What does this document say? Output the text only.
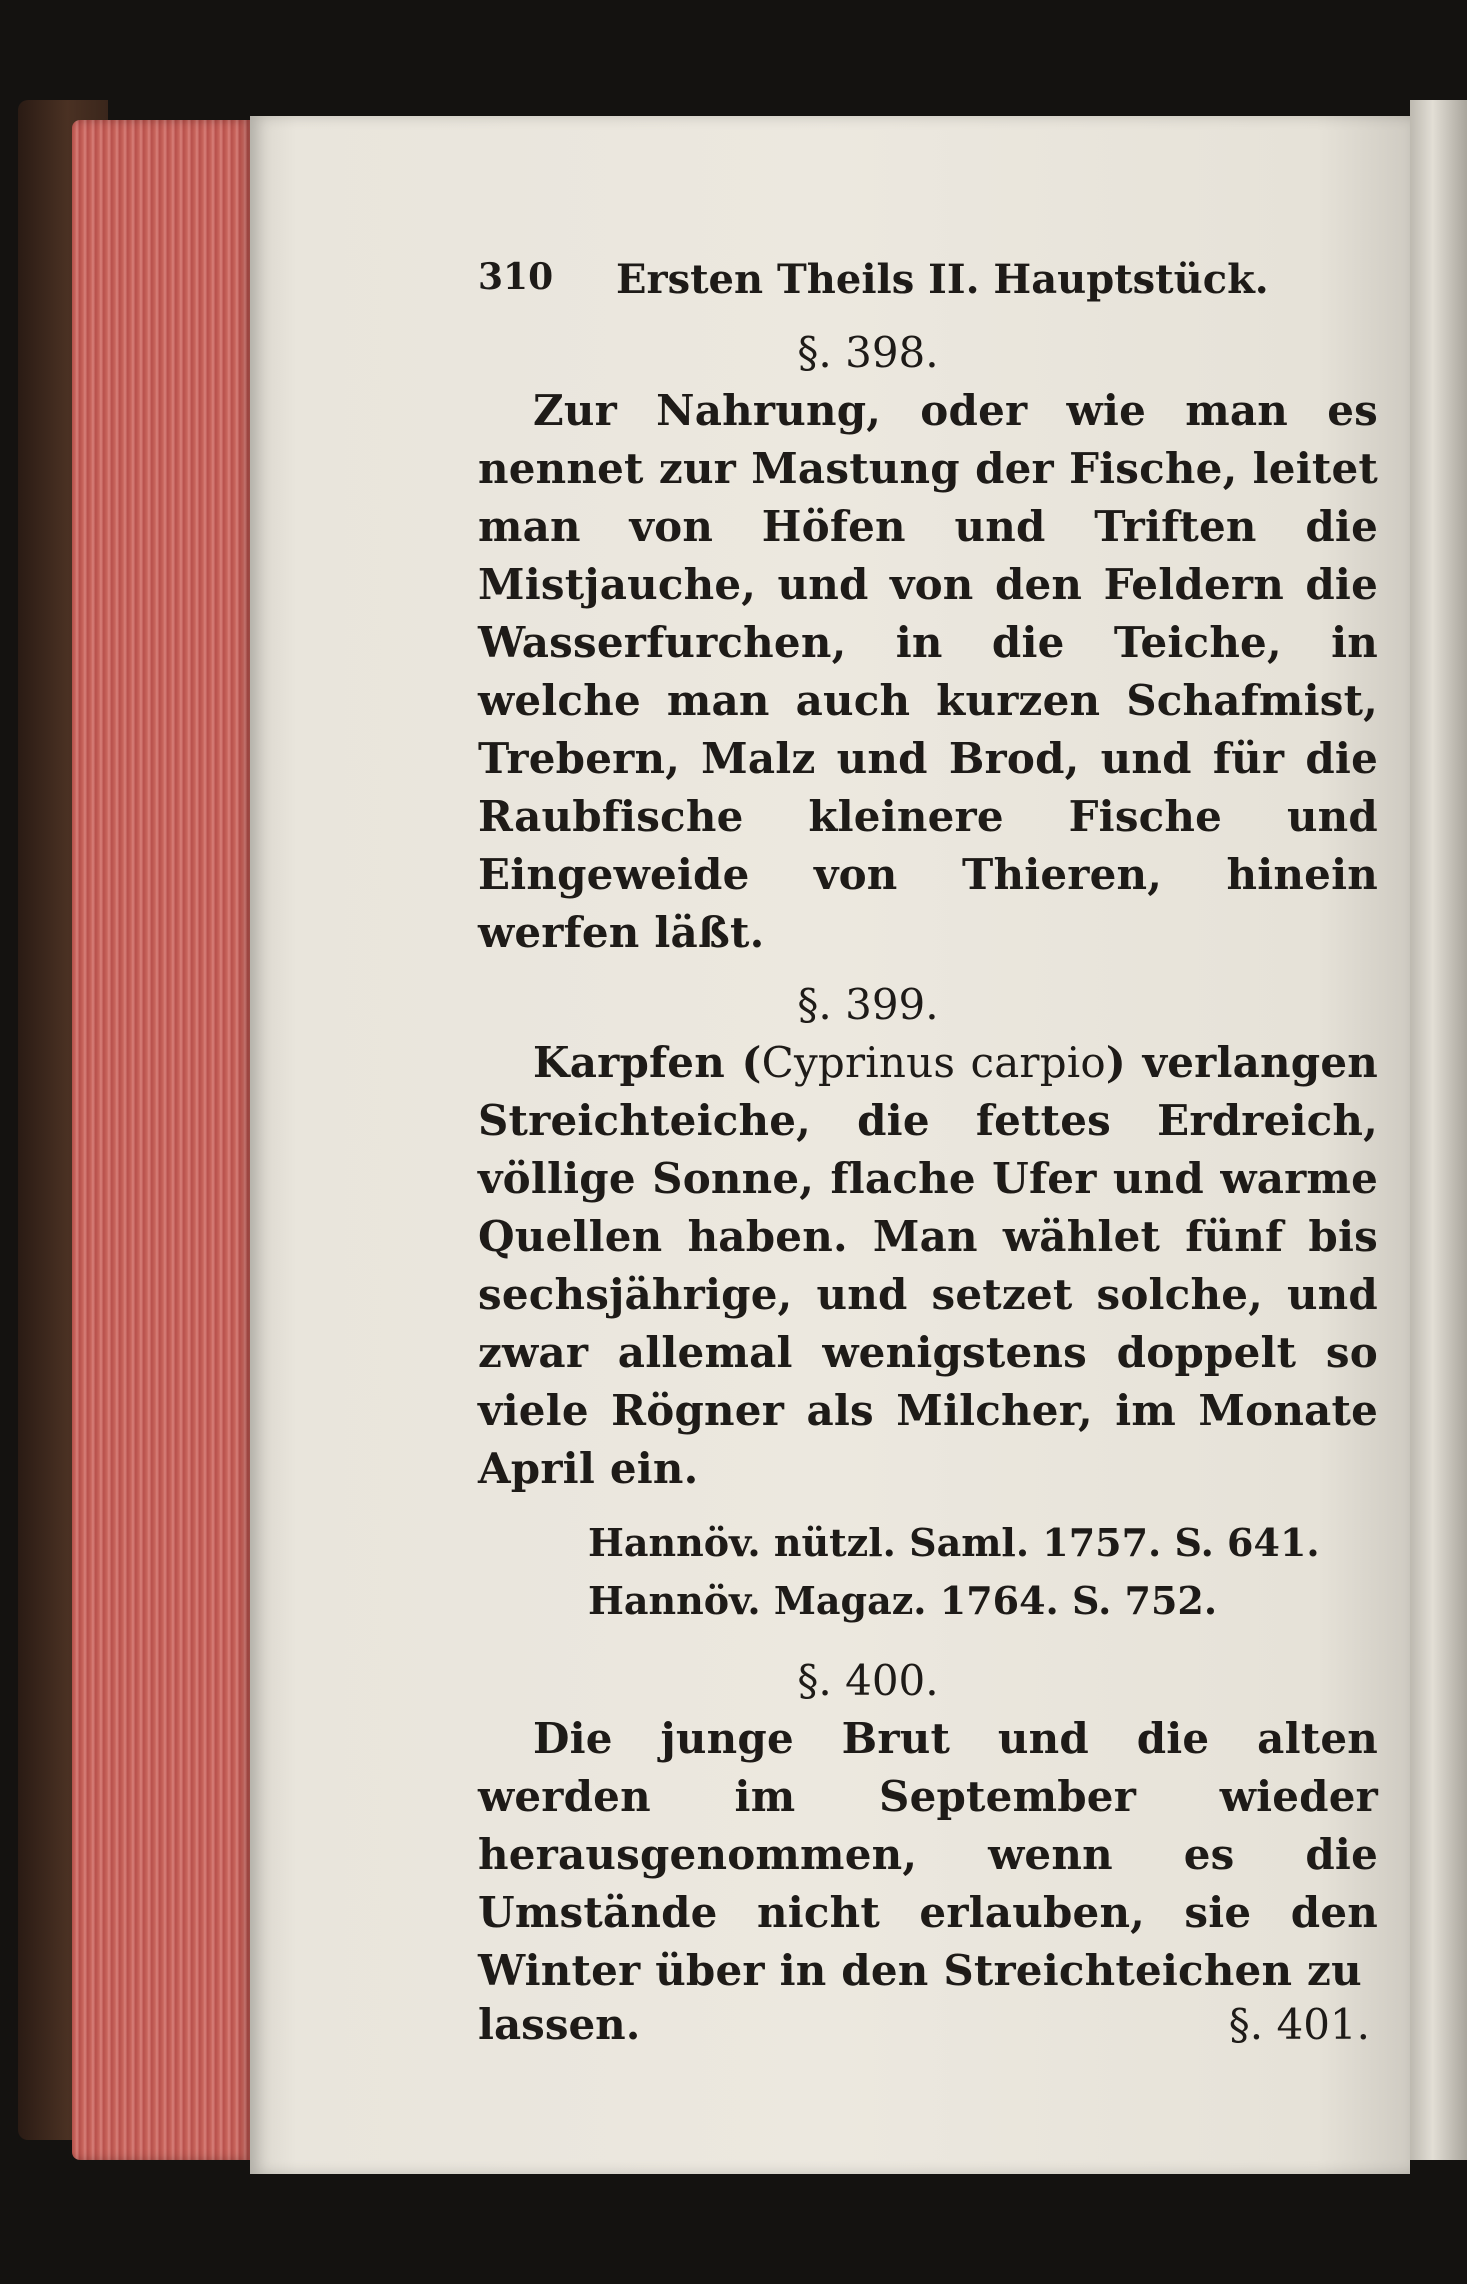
310 Ersten Theils II. Hauptstück.
§. 398.

Zur Nahrung, oder wie man es nennet zur Mastung der Fische, leitet man von Höfen und Triften die Mistjauche, und von den Feldern die Wasserfurchen, in die Teiche, in welche man auch kurzen Schafmist, Trebern, Malz und Brod, und für die Raubfische kleinere Fische und Eingeweide von Thieren, hinein werfen läßt.

§. 399.

Karpfen (Cyprinus carpio) verlangen Streichteiche, die fettes Erdreich, völlige Sonne, flache Ufer und warme Quellen haben. Man wählet fünf bis sechsjährige, und setzet solche, und zwar allemal wenigstens doppelt so viele Rögner als Milcher, im Monate April ein.

Hannöv. nützl. Saml. 1757. S. 641.
Hannöv. Magaz. 1764. S. 752.
§. 400.

Die junge Brut und die alten werden im September wieder herausgenommen, wenn es die Umstände nicht erlauben, sie den Winter über in den Streichteichen zu

lassen.	§. 401.
